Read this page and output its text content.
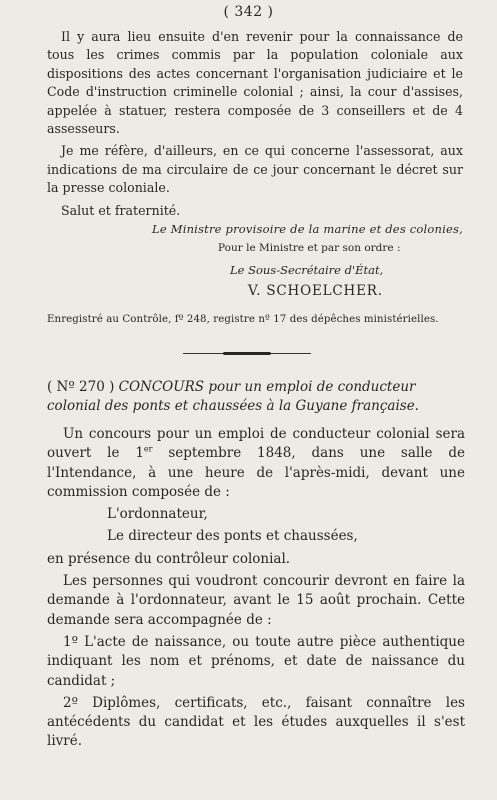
( 342 )

Il y aura lieu ensuite d'en revenir pour la connaissance de tous les crimes commis par la population coloniale aux dispositions des actes concernant l'organisation judiciaire et le Code d'instruction criminelle colonial ; ainsi, la cour d'assises, appelée à statuer, restera composée de 3 conseillers et de 4 assesseurs.

Je me réfère, d'ailleurs, en ce qui concerne l'assessorat, aux indications de ma circulaire de ce jour concernant le décret sur la presse coloniale.

Salut et fraternité.

Le Ministre provisoire de la marine et des colonies,
Pour le Ministre et par son ordre :
Le Sous-Secrétaire d'État,
V. SCHOELCHER.
Enregistré au Contrôle, fº 248, registre nº 17 des dépêches ministérielles.
( Nº 270 ) CONCOURS pour un emploi de conducteur colonial des ponts et chaussées à la Guyane française.

Un concours pour un emploi de conducteur colonial sera ouvert le 1er septembre 1848, dans une salle de l'Intendance, à une heure de l'après-midi, devant une commission composée de :

L'ordonnateur,

Le directeur des ponts et chaussées,

en présence du contrôleur colonial.

Les personnes qui voudront concourir devront en faire la demande à l'ordonnateur, avant le 15 août prochain. Cette demande sera accompagnée de :

1º L'acte de naissance, ou toute autre pièce authentique indiquant les nom et prénoms, et date de naissance du candidat ;

2º Diplômes, certificats, etc., faisant connaître les antécédents du candidat et les études auxquelles il s'est livré.
